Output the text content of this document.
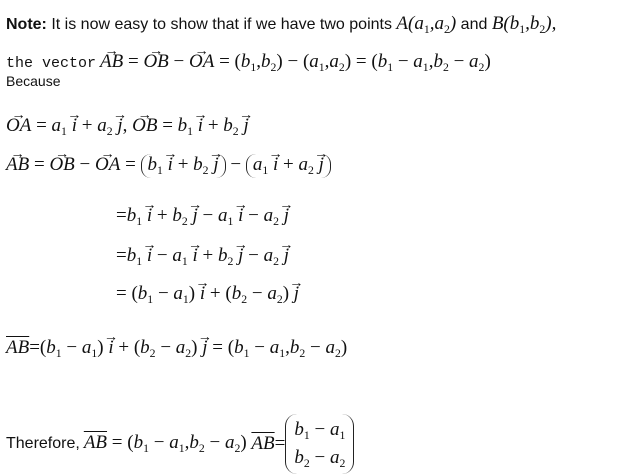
Note: It is now easy to show that if we have two points $A(a_1,a_2)$ and $B(b_1,b_2)$,
the vector → AB = → OB − → OA = $(b_1,b_2) - (a_1,a_2) = (b_1 - a_1,b_2 - a_2)$
Because
→ OA = $a_1 \to i + a_2 \to j$, → OB = $b_1 \to i + b_2 \to j$
→ AB = → OB − → OA = $b_1 \to i + b_2 \to j - a_1 \to i + a_2 \to j$
$=b_1 \to i + b_2 \to j - a_1 \to i - a_2 \to j$
$=b_1 \to i - a_1 \to i + b_2 \to j - a_2 \to j$
= $(b_1 - a_1) \to i + (b_2 - a_2) \to j$
$\overline{AB}=(b_1 - a_1) \to i + (b_2 - a_2) \to j = (b_1 - a_1,b_2 - a_2)$
Therefore, $\overline{AB} = (b_1 - a_1,b_2 - a_2)$ $\overline{AB}=$
$b_1 - a_1$
$b_2 - a_2$
